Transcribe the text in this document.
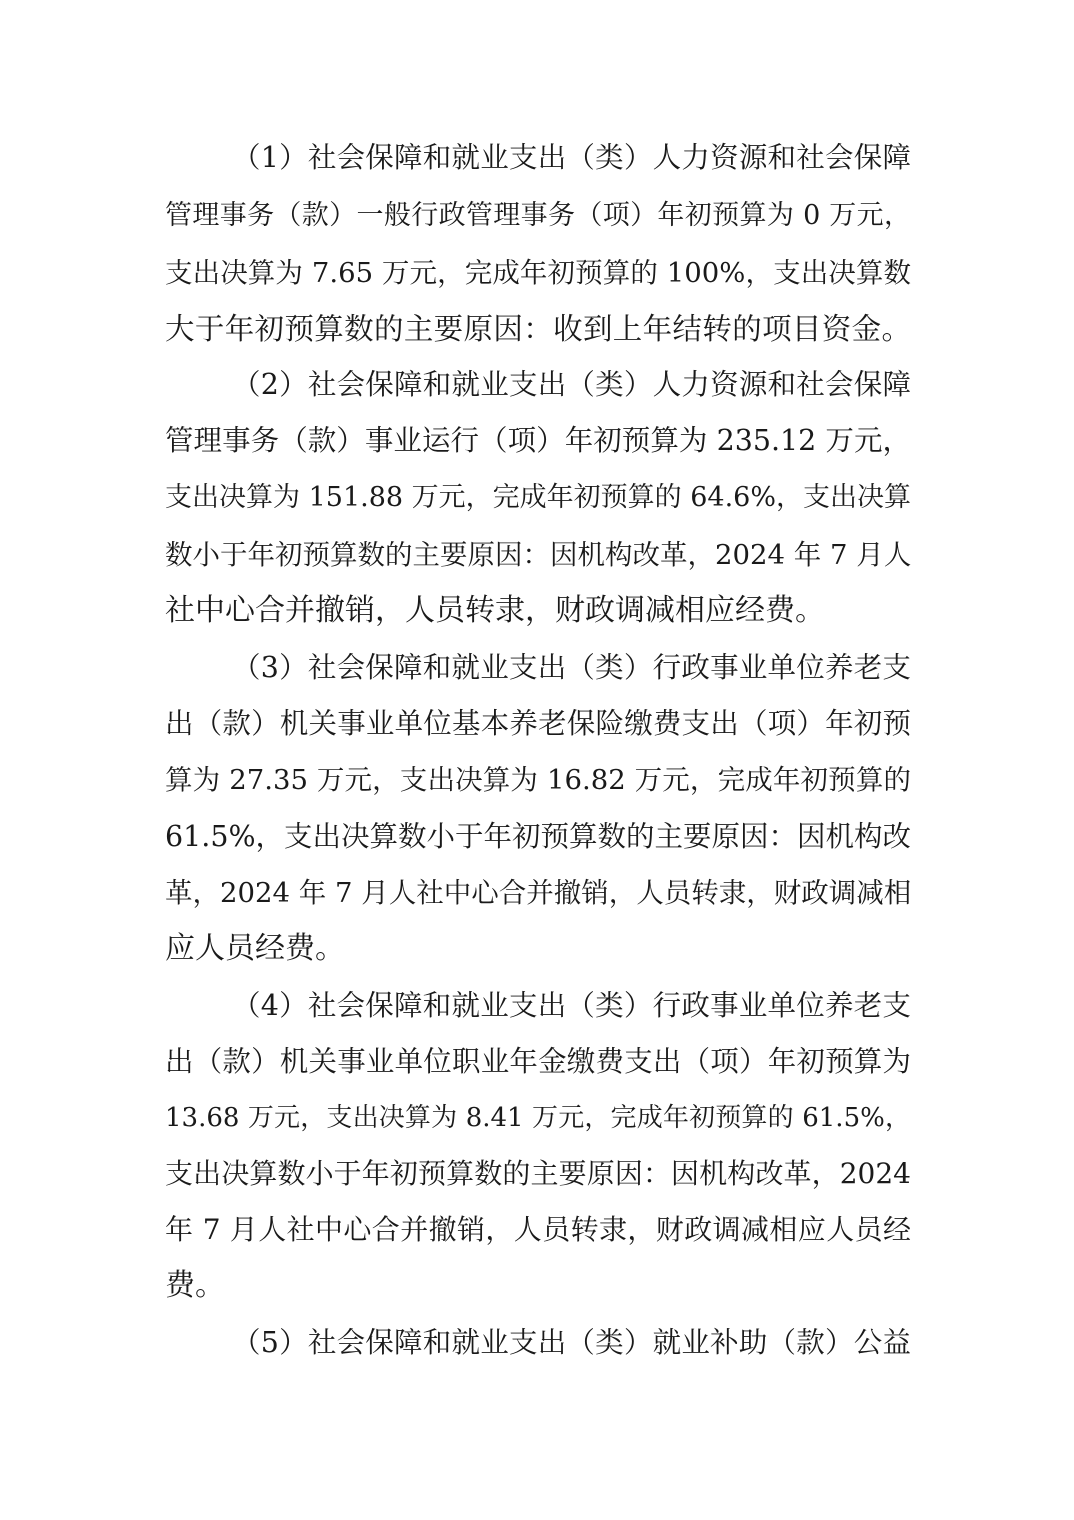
（1）社会保障和就业支出（类）人力资源和社会保障
管理事务（款）一般行政管理事务（项）年初预算为 0 万元，
支出决算为 7.65 万元，完成年初预算的 100%，支出决算数
大于年初预算数的主要原因：收到上年结转的项目资金。
（2）社会保障和就业支出（类）人力资源和社会保障
管理事务（款）事业运行（项）年初预算为 235.12 万元，
支出决算为 151.88 万元，完成年初预算的 64.6%，支出决算
数小于年初预算数的主要原因：因机构改革，2024 年 7 月人
社中心合并撤销，人员转隶，财政调减相应经费。
（3）社会保障和就业支出（类）行政事业单位养老支
出（款）机关事业单位基本养老保险缴费支出（项）年初预
算为 27.35 万元，支出决算为 16.82 万元，完成年初预算的
61.5%，支出决算数小于年初预算数的主要原因：因机构改
革，2024 年 7 月人社中心合并撤销，人员转隶，财政调减相
应人员经费。
（4）社会保障和就业支出（类）行政事业单位养老支
出（款）机关事业单位职业年金缴费支出（项）年初预算为
13.68 万元，支出决算为 8.41 万元，完成年初预算的 61.5%，
支出决算数小于年初预算数的主要原因：因机构改革，2024
年 7 月人社中心合并撤销，人员转隶，财政调减相应人员经
费。
（5）社会保障和就业支出（类）就业补助（款）公益
